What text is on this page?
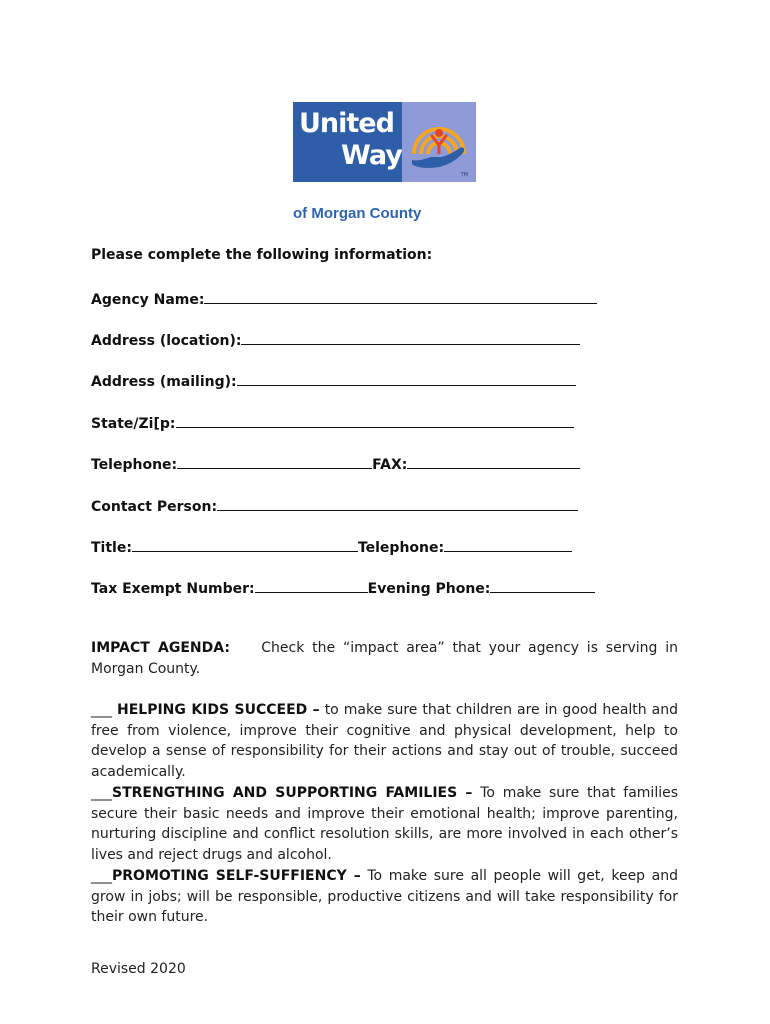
United
Way
TM
of Morgan County
Please complete the following information:
Agency Name:
Address (location):
Address (mailing):
State/Zi[p:
Telephone:	FAX:
Contact Person:
Title:	Telephone:
Tax Exempt Number:	Evening Phone:
IMPACT AGENDA: Check the “impact area” that your agency is serving in Morgan County.
___ HELPING KIDS SUCCEED – to make sure that children are in good health and free from violence, improve their cognitive and physical development, help to develop a sense of responsibility for their actions and stay out of trouble, succeed academically.
___STRENGTHING AND SUPPORTING FAMILIES – To make sure that families secure their basic needs and improve their emotional health; improve parenting, nurturing discipline and conflict resolution skills, are more involved in each other’s lives and reject drugs and alcohol.
___PROMOTING SELF-SUFFIENCY – To make sure all people will get, keep and grow in jobs; will be responsible, productive citizens and will take responsibility for their own future.
Revised 2020
